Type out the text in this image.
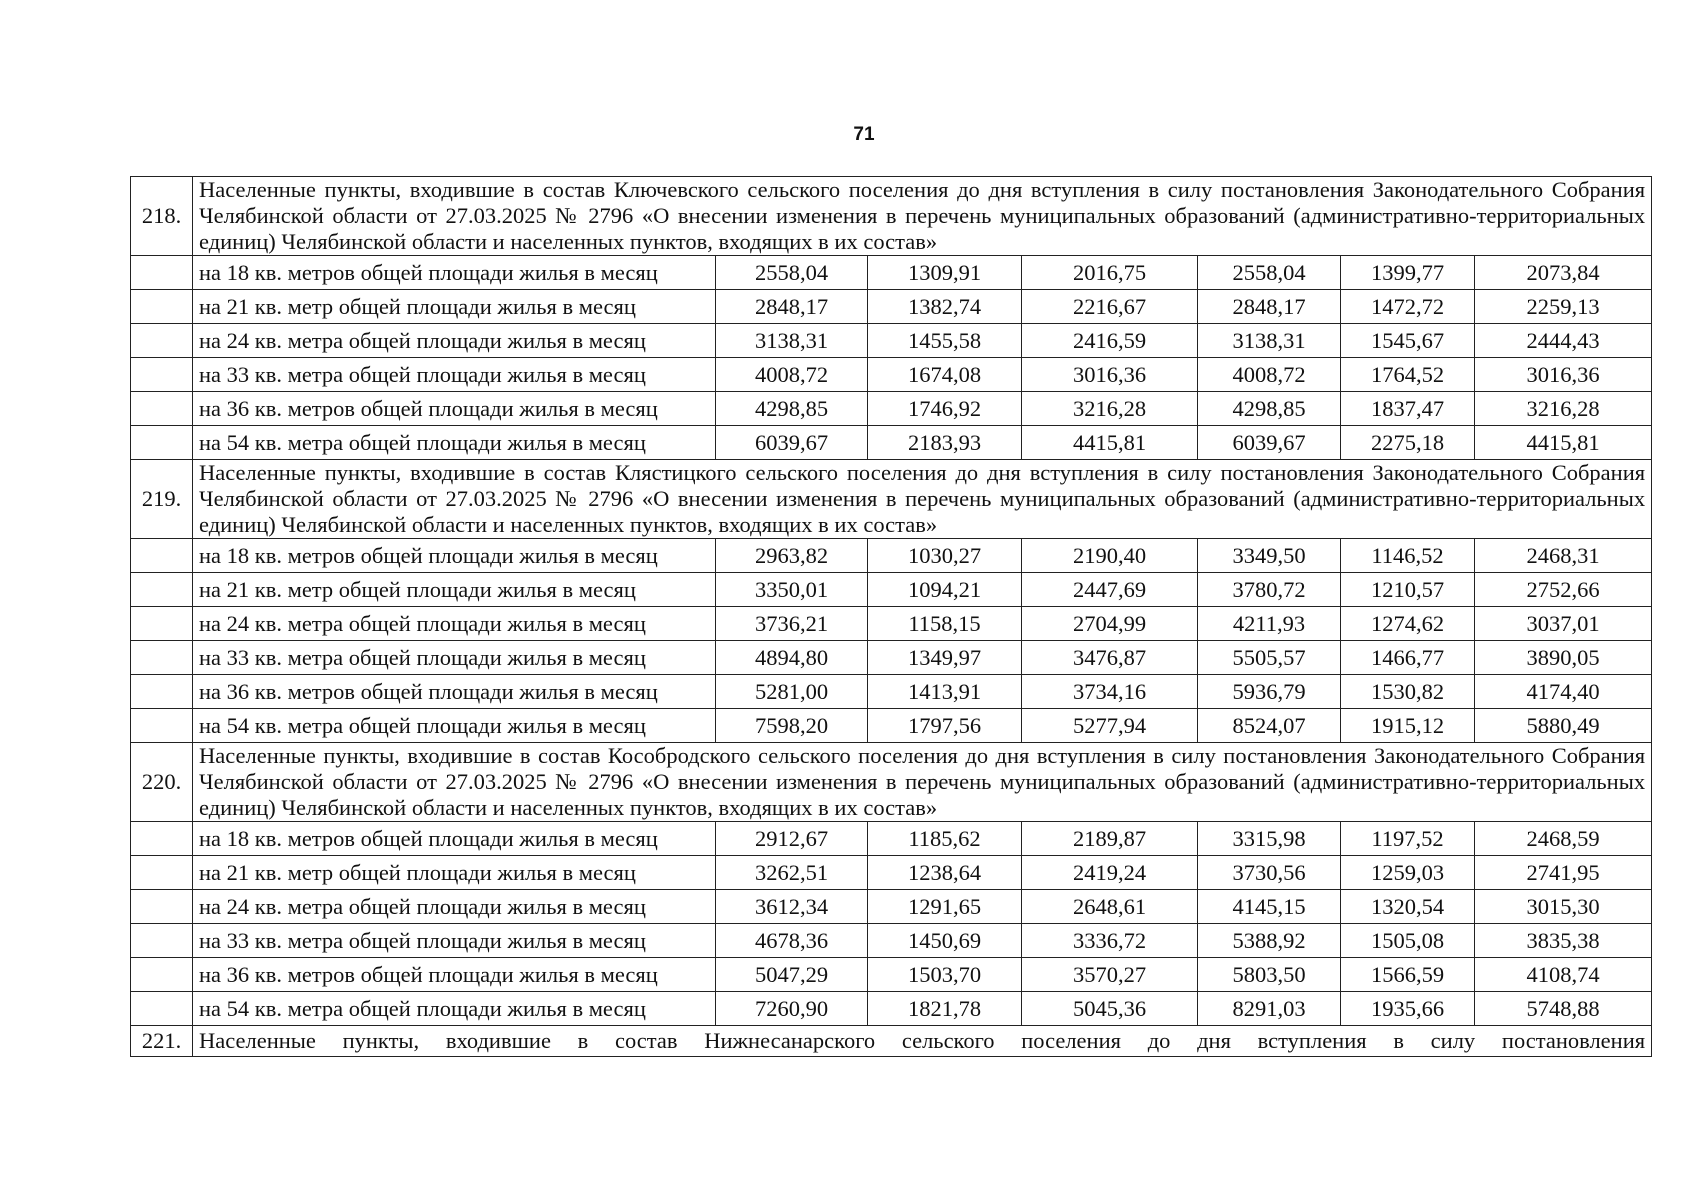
71
218.	Населенные пункты, входившие в состав Ключевского сельского поселения до дня вступления в силу постановления Законодательного Собрания Челябинской области от 27.03.2025 № 2796 «О внесении изменения в перечень муниципальных образований (административно-территориальных единиц) Челябинской области и населенных пунктов, входящих в их состав»						
	на 18 кв. метров общей площади жилья в месяц	2558,04	1309,91	2016,75	2558,04	1399,77	2073,84
	на 21 кв. метр общей площади жилья в месяц	2848,17	1382,74	2216,67	2848,17	1472,72	2259,13
	на 24 кв. метра общей площади жилья в месяц	3138,31	1455,58	2416,59	3138,31	1545,67	2444,43
	на 33 кв. метра общей площади жилья в месяц	4008,72	1674,08	3016,36	4008,72	1764,52	3016,36
	на 36 кв. метров общей площади жилья в месяц	4298,85	1746,92	3216,28	4298,85	1837,47	3216,28
	на 54 кв. метра общей площади жилья в месяц	6039,67	2183,93	4415,81	6039,67	2275,18	4415,81
219.	Населенные пункты, входившие в состав Клястицкого сельского поселения до дня вступления в силу постановления Законодательного Собрания Челябинской области от 27.03.2025 № 2796 «О внесении изменения в перечень муниципальных образований (административно-территориальных единиц) Челябинской области и населенных пунктов, входящих в их состав»						
	на 18 кв. метров общей площади жилья в месяц	2963,82	1030,27	2190,40	3349,50	1146,52	2468,31
	на 21 кв. метр общей площади жилья в месяц	3350,01	1094,21	2447,69	3780,72	1210,57	2752,66
	на 24 кв. метра общей площади жилья в месяц	3736,21	1158,15	2704,99	4211,93	1274,62	3037,01
	на 33 кв. метра общей площади жилья в месяц	4894,80	1349,97	3476,87	5505,57	1466,77	3890,05
	на 36 кв. метров общей площади жилья в месяц	5281,00	1413,91	3734,16	5936,79	1530,82	4174,40
	на 54 кв. метра общей площади жилья в месяц	7598,20	1797,56	5277,94	8524,07	1915,12	5880,49
220.	Населенные пункты, входившие в состав Кособродского сельского поселения до дня вступления в силу постановления Законодательного Собрания Челябинской области от 27.03.2025 № 2796 «О внесении изменения в перечень муниципальных образований (административно-территориальных единиц) Челябинской области и населенных пунктов, входящих в их состав»						
	на 18 кв. метров общей площади жилья в месяц	2912,67	1185,62	2189,87	3315,98	1197,52	2468,59
	на 21 кв. метр общей площади жилья в месяц	3262,51	1238,64	2419,24	3730,56	1259,03	2741,95
	на 24 кв. метра общей площади жилья в месяц	3612,34	1291,65	2648,61	4145,15	1320,54	3015,30
	на 33 кв. метра общей площади жилья в месяц	4678,36	1450,69	3336,72	5388,92	1505,08	3835,38
	на 36 кв. метров общей площади жилья в месяц	5047,29	1503,70	3570,27	5803,50	1566,59	4108,74
	на 54 кв. метра общей площади жилья в месяц	7260,90	1821,78	5045,36	8291,03	1935,66	5748,88
221.	Населенные пункты, входившие в состав Нижнесанарского сельского поселения до дня вступления в силу постановления						
